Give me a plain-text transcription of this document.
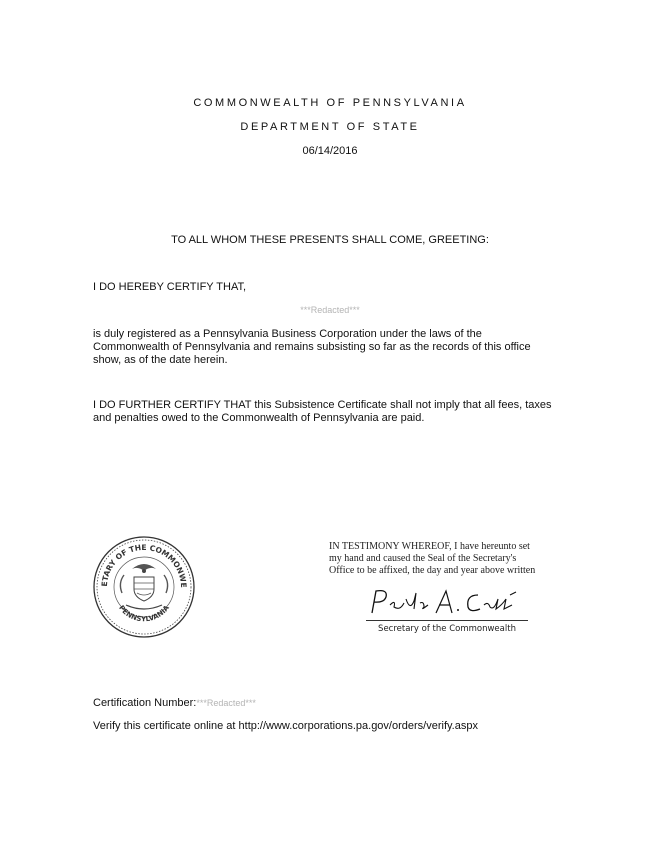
COMMONWEALTH OF PENNSYLVANIA
DEPARTMENT OF STATE
06/14/2016
TO ALL WHOM THESE PRESENTS SHALL COME, GREETING:
I DO HEREBY CERTIFY THAT,
***Redacted***
is duly registered as a Pennsylvania Business Corporation under the laws of the Commonwealth of Pennsylvania and remains subsisting so far as the records of this office show, as of the date herein.
I DO FURTHER CERTIFY THAT this Subsistence Certificate shall not imply that all fees, taxes and penalties owed to the Commonwealth of Pennsylvania are paid.
ETARY OF THE COMMONWE
PENNSYLVANIA
IN TESTIMONY WHEREOF, I have hereunto set my hand and caused the Seal of the Secretary's Office to be affixed, the day and year above written
Secretary of the Commonwealth
Certification Number:***Redacted***
Verify this certificate online at http://www.corporations.pa.gov/orders/verify.aspx
